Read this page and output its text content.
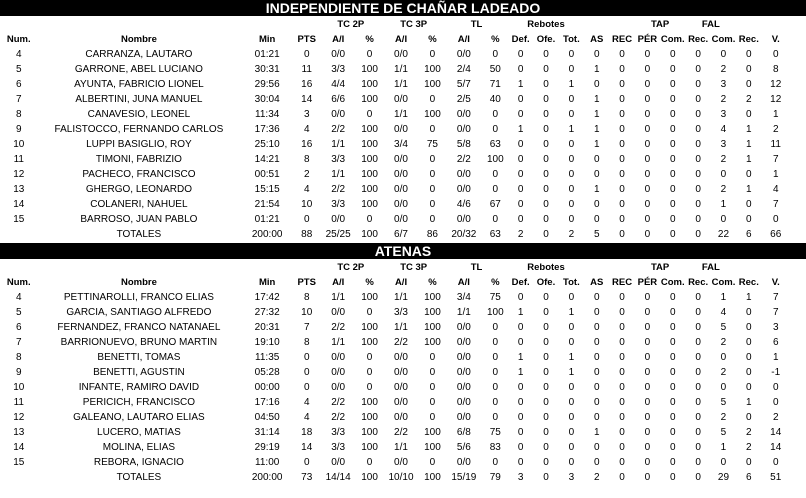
INDEPENDIENTE DE CHAÑAR LADEADO
				TC 2P		TC 3P		TL		Rebotes					TAP		FAL			
Num.	Nombre	Min	PTS	A/I	%	A/I	%	A/I	%	Def.	Ofe.	Tot.	AS	REC	PÉR	Com.	Rec.	Com.	Rec.	V.
4	CARRANZA, LAUTARO	01:21	0	0/0	0	0/0	0	0/0	0	0	0	0	0	0	0	0	0	0	0	0
5	GARRONE, ABEL LUCIANO	30:31	11	3/3	100	1/1	100	2/4	50	0	0	0	1	0	0	0	0	2	0	8
6	AYUNTA, FABRICIO LIONEL	29:56	16	4/4	100	1/1	100	5/7	71	1	0	1	0	0	0	0	0	3	0	12
7	ALBERTINI, JUNA MANUEL	30:04	14	6/6	100	0/0	0	2/5	40	0	0	0	1	0	0	0	0	2	2	12
8	CANAVESIO, LEONEL	11:34	3	0/0	0	1/1	100	0/0	0	0	0	0	1	0	0	0	0	3	0	1
9	FALISTOCCO, FERNANDO CARLOS	17:36	4	2/2	100	0/0	0	0/0	0	1	0	1	1	0	0	0	0	4	1	2
10	LUPPI BASIGLIO, ROY	25:10	16	1/1	100	3/4	75	5/8	63	0	0	0	1	0	0	0	0	3	1	11
11	TIMONI, FABRIZIO	14:21	8	3/3	100	0/0	0	2/2	100	0	0	0	0	0	0	0	0	2	1	7
12	PACHECO, FRANCISCO	00:51	2	1/1	100	0/0	0	0/0	0	0	0	0	0	0	0	0	0	0	0	1
13	GHERGO, LEONARDO	15:15	4	2/2	100	0/0	0	0/0	0	0	0	0	1	0	0	0	0	2	1	4
14	COLANERI, NAHUEL	21:54	10	3/3	100	0/0	0	4/6	67	0	0	0	0	0	0	0	0	1	0	7
15	BARROSO, JUAN PABLO	01:21	0	0/0	0	0/0	0	0/0	0	0	0	0	0	0	0	0	0	0	0	0
	TOTALES	200:00	88	25/25	100	6/7	86	20/32	63	2	0	2	5	0	0	0	0	22	6	66
ATENAS
				TC 2P		TC 3P		TL		Rebotes					TAP		FAL			
Num.	Nombre	Min	PTS	A/I	%	A/I	%	A/I	%	Def.	Ofe.	Tot.	AS	REC	PÉR	Com.	Rec.	Com.	Rec.	V.
4	PETTINAROLLI, FRANCO ELIAS	17:42	8	1/1	100	1/1	100	3/4	75	0	0	0	0	0	0	0	0	1	1	7
5	GARCIA, SANTIAGO ALFREDO	27:32	10	0/0	0	3/3	100	1/1	100	1	0	1	0	0	0	0	0	4	0	7
6	FERNANDEZ, FRANCO NATANAEL	20:31	7	2/2	100	1/1	100	0/0	0	0	0	0	0	0	0	0	0	5	0	3
7	BARRIONUEVO, BRUNO MARTIN	19:10	8	1/1	100	2/2	100	0/0	0	0	0	0	0	0	0	0	0	2	0	6
8	BENETTI, TOMAS	11:35	0	0/0	0	0/0	0	0/0	0	1	0	1	0	0	0	0	0	0	0	1
9	BENETTI, AGUSTIN	05:28	0	0/0	0	0/0	0	0/0	0	1	0	1	0	0	0	0	0	2	0	-1
10	INFANTE, RAMIRO DAVID	00:00	0	0/0	0	0/0	0	0/0	0	0	0	0	0	0	0	0	0	0	0	0
11	PERICICH, FRANCISCO	17:16	4	2/2	100	0/0	0	0/0	0	0	0	0	0	0	0	0	0	5	1	0
12	GALEANO, LAUTARO ELIAS	04:50	4	2/2	100	0/0	0	0/0	0	0	0	0	0	0	0	0	0	2	0	2
13	LUCERO, MATIAS	31:14	18	3/3	100	2/2	100	6/8	75	0	0	0	1	0	0	0	0	5	2	14
14	MOLINA, ELIAS	29:19	14	3/3	100	1/1	100	5/6	83	0	0	0	0	0	0	0	0	1	2	14
15	REBORA, IGNACIO	11:00	0	0/0	0	0/0	0	0/0	0	0	0	0	0	0	0	0	0	0	0	0
	TOTALES	200:00	73	14/14	100	10/10	100	15/19	79	3	0	3	2	0	0	0	0	29	6	51
